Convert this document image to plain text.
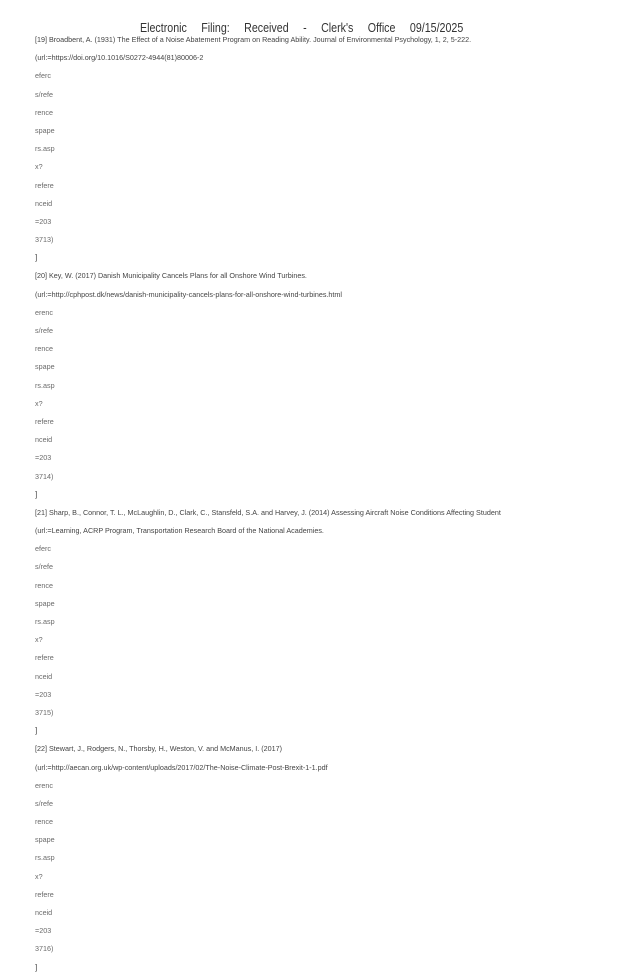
Electronic Filing: Received - Clerk's Office 09/15/2025
[19] Broadbent, A. (1931) The Effect of a Noise Abatement Program on Reading Ability. Journal of Environmental Psychology, 1, 2, 5-222.
(url:=https://doi.org/10.1016/S0272-4944(81)80006-2
eferc
s/refe
rence
spape
rs.asp
x?
refere
nceid
=203
3713)
]
[20] Key, W. (2017) Danish Municipality Cancels Plans for all Onshore Wind Turbines.
(url:=http://cphpost.dk/news/danish-municipality-cancels-plans-for-all-onshore-wind-turbines.html
erenc
s/refe
rence
spape
rs.asp
x?
refere
nceid
=203
3714)
]
[21] Sharp, B., Connor, T. L., McLaughlin, D., Clark, C., Stansfeld, S.A. and Harvey, J. (2014) Assessing Aircraft Noise Conditions Affecting Student
(url:=Learning, ACRP Program, Transportation Research Board of the National Academies.
eferc
s/refe
rence
spape
rs.asp
x?
refere
nceid
=203
3715)
]
[22] Stewart, J., Rodgers, N., Thorsby, H., Weston, V. and McManus, I. (2017)
(url:=http://aecan.org.uk/wp-content/uploads/2017/02/The-Noise-Climate-Post-Brexit-1-1.pdf
erenc
s/refe
rence
spape
rs.asp
x?
refere
nceid
=203
3716)
]
